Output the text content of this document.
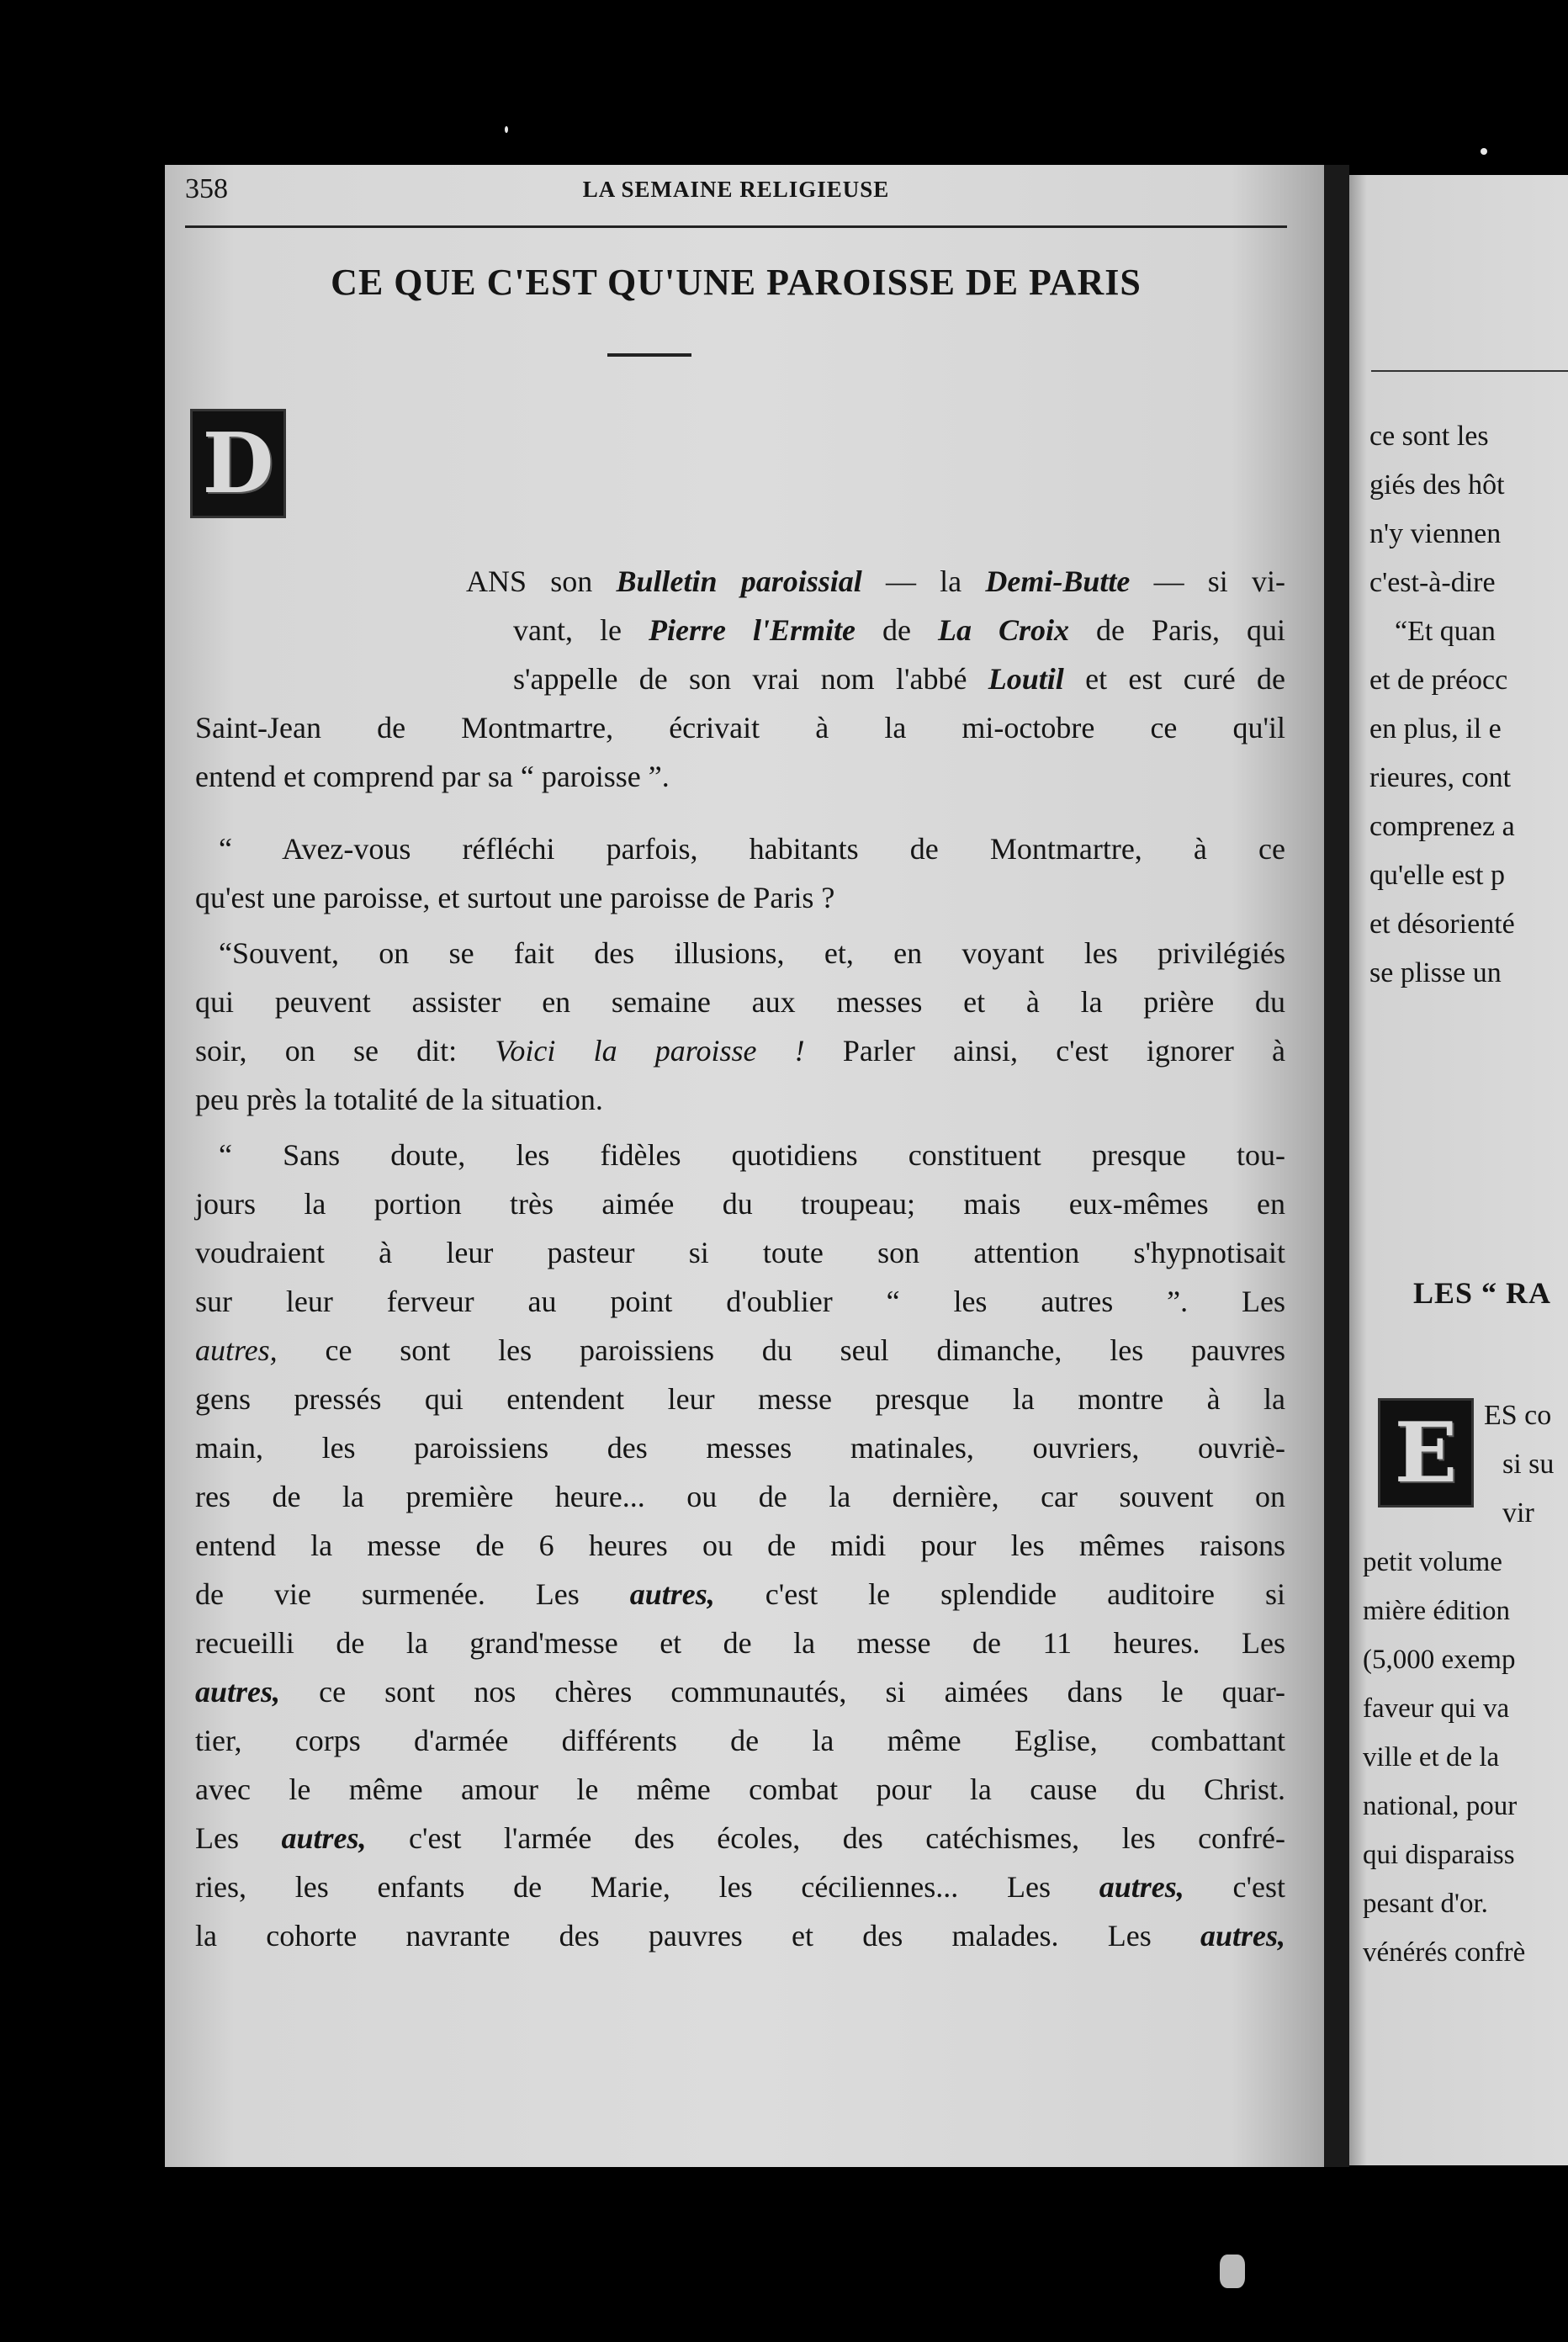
358	LA SEMAINE RELIGIEUSE
CE QUE C'EST QU'UNE PAROISSE DE PARIS
D
ANS son Bulletin paroissial — la Demi-Butte — si vi-
vant, le Pierre l'Ermite de La Croix de Paris, qui
s'appelle de son vrai nom l'abbé Loutil et est curé de
Saint-Jean de Montmartre, écrivait à la mi-octobre ce qu'il
entend et comprend par sa “ paroisse ”.
“ Avez-vous réfléchi parfois, habitants de Montmartre, à ce
qu'est une paroisse, et surtout une paroisse de Paris ?
“Souvent, on se fait des illusions, et, en voyant les privilégiés
qui peuvent assister en semaine aux messes et à la prière du
soir, on se dit: Voici la paroisse ! Parler ainsi, c'est ignorer à
peu près la totalité de la situation.
“ Sans doute, les fidèles quotidiens constituent presque tou-
jours la portion très aimée du troupeau; mais eux-mêmes en
voudraient à leur pasteur si toute son attention s'hypnotisait
sur leur ferveur au point d'oublier “ les autres ”. Les
autres, ce sont les paroissiens du seul dimanche, les pauvres
gens pressés qui entendent leur messe presque la montre à la
main, les paroissiens des messes matinales, ouvriers, ouvriè-
res de la première heure... ou de la dernière, car souvent on
entend la messe de 6 heures ou de midi pour les mêmes raisons
de vie surmenée. Les autres, c'est le splendide auditoire si
recueilli de la grand'messe et de la messe de 11 heures. Les
autres, ce sont nos chères communautés, si aimées dans le quar-
tier, corps d'armée différents de la même Eglise, combattant
avec le même amour le même combat pour la cause du Christ.
Les autres, c'est l'armée des écoles, des catéchismes, les confré-
ries, les enfants de Marie, les céciliennes... Les autres, c'est
la cohorte navrante des pauvres et des malades. Les autres,
ce sont les
giés des hôt
n'y viennen
c'est-à-dire
“Et quan
et de préocc
en plus, il e
rieures, cont
comprenez a
qu'elle est p
et désorienté
se plisse un
LES “ RA
E ES co
si su
vir
petit volume
mière édition
(5,000 exemp
faveur qui va
ville et de la
national, pour
qui disparaiss
pesant d'or.
vénérés confrè
